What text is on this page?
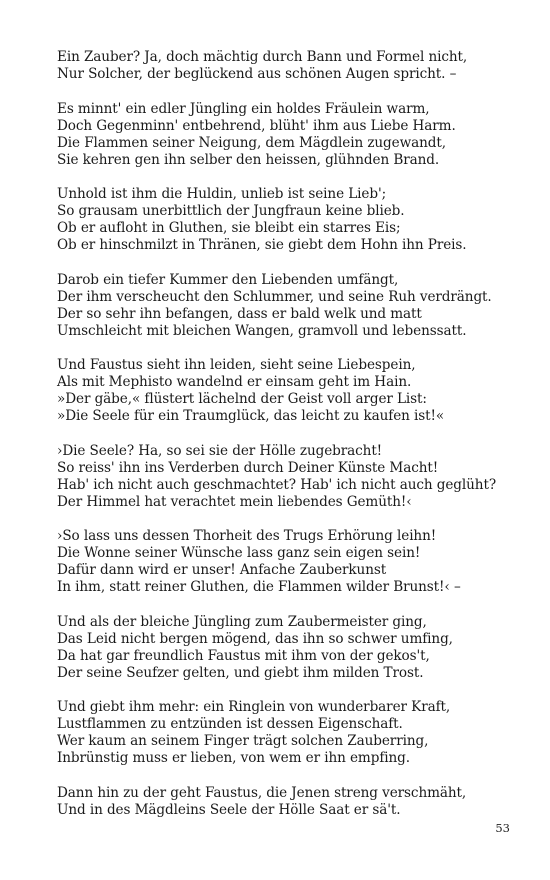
Ein Zauber? Ja, doch mächtig durch Bann und Formel nicht,
Nur Solcher, der beglückend aus schönen Augen spricht. –
Es minnt' ein edler Jüngling ein holdes Fräulein warm,
Doch Gegenminn' entbehrend, blüht' ihm aus Liebe Harm.
Die Flammen seiner Neigung, dem Mägdlein zugewandt,
Sie kehren gen ihn selber den heissen, glühnden Brand.
Unhold ist ihm die Huldin, unlieb ist seine Lieb';
So grausam unerbittlich der Jungfraun keine blieb.
Ob er aufloht in Gluthen, sie bleibt ein starres Eis;
Ob er hinschmilzt in Thränen, sie giebt dem Hohn ihn Preis.
Darob ein tiefer Kummer den Liebenden umfängt,
Der ihm verscheucht den Schlummer, und seine Ruh verdrängt.
Der so sehr ihn befangen, dass er bald welk und matt
Umschleicht mit bleichen Wangen, gramvoll und lebenssatt.
Und Faustus sieht ihn leiden, sieht seine Liebespein,
Als mit Mephisto wandelnd er einsam geht im Hain.
»Der gäbe,« flüstert lächelnd der Geist voll arger List:
»Die Seele für ein Traumglück, das leicht zu kaufen ist!«
›Die Seele? Ha, so sei sie der Hölle zugebracht!
So reiss' ihn ins Verderben durch Deiner Künste Macht!
Hab' ich nicht auch geschmachtet? Hab' ich nicht auch geglüht?
Der Himmel hat verachtet mein liebendes Gemüth!‹
›So lass uns dessen Thorheit des Trugs Erhörung leihn!
Die Wonne seiner Wünsche lass ganz sein eigen sein!
Dafür dann wird er unser! Anfache Zauberkunst
In ihm, statt reiner Gluthen, die Flammen wilder Brunst!‹ –
Und als der bleiche Jüngling zum Zaubermeister ging,
Das Leid nicht bergen mögend, das ihn so schwer umfing,
Da hat gar freundlich Faustus mit ihm von der gekos't,
Der seine Seufzer gelten, und giebt ihm milden Trost.
Und giebt ihm mehr: ein Ringlein von wunderbarer Kraft,
Lustflammen zu entzünden ist dessen Eigenschaft.
Wer kaum an seinem Finger trägt solchen Zauberring,
Inbrünstig muss er lieben, von wem er ihn empfing.
Dann hin zu der geht Faustus, die Jenen streng verschmäht,
Und in des Mägdleins Seele der Hölle Saat er sä't.
53
